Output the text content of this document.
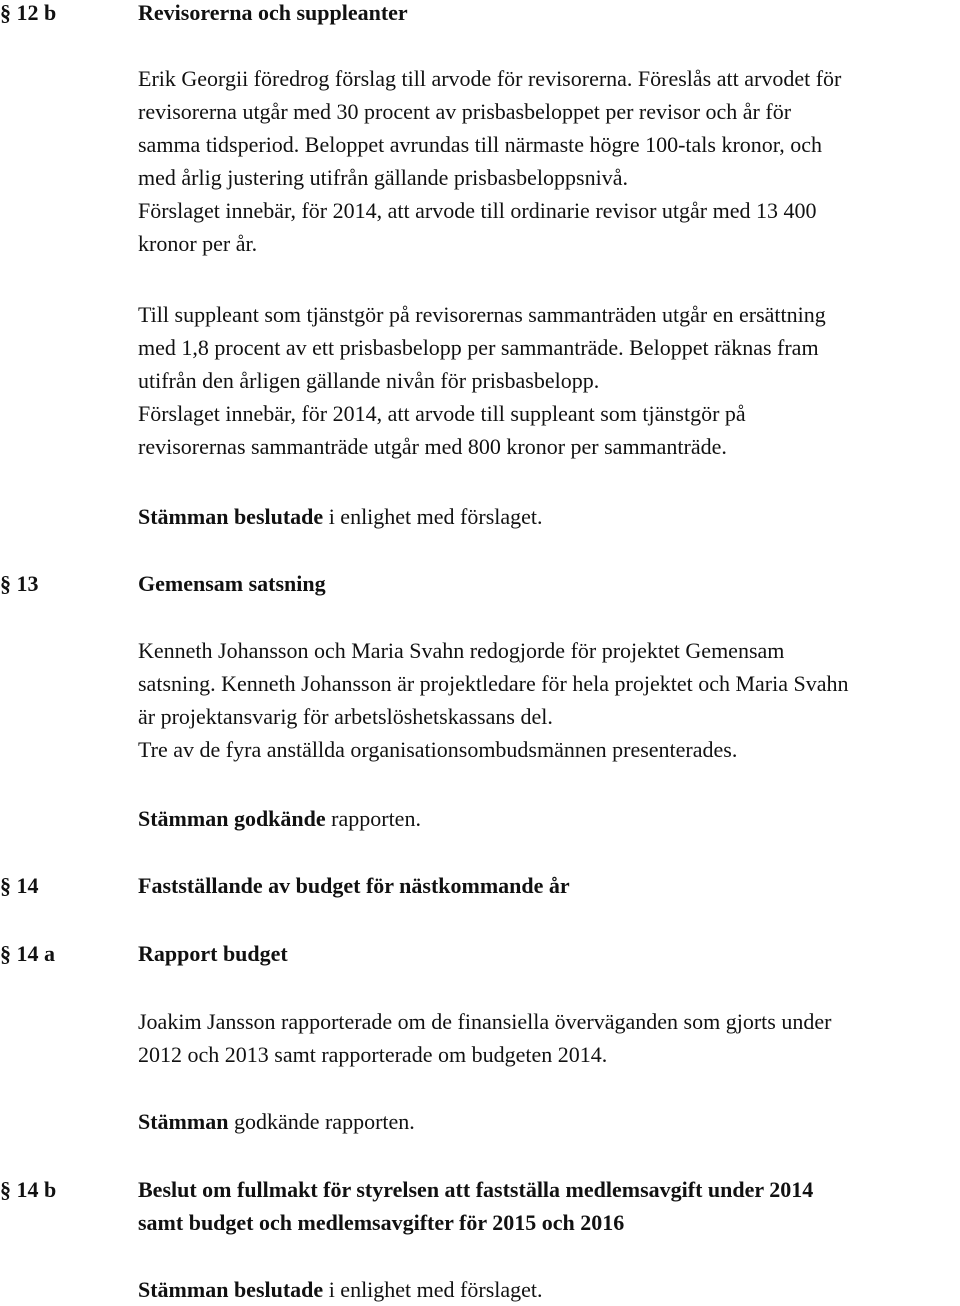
§ 12 b	Revisorerna och suppleanter

Erik Georgii föredrog förslag till arvode för revisorerna. Föreslås att arvodet för

revisorerna utgår med 30 procent av prisbasbeloppet per revisor och år för

samma tidsperiod. Beloppet avrundas till närmaste högre 100-tals kronor, och

med årlig justering utifrån gällande prisbasbeloppsnivå.

Förslaget innebär, för 2014, att arvode till ordinarie revisor utgår med 13 400

kronor per år.

Till suppleant som tjänstgör på revisorernas sammanträden utgår en ersättning

med 1,8 procent av ett prisbasbelopp per sammanträde. Beloppet räknas fram

utifrån den årligen gällande nivån för prisbasbelopp.

Förslaget innebär, för 2014, att arvode till suppleant som tjänstgör på

revisorernas sammanträde utgår med 800 kronor per sammanträde.

Stämman beslutade i enlighet med förslaget.

§ 13	Gemensam satsning

Kenneth Johansson och Maria Svahn redogjorde för projektet Gemensam

satsning. Kenneth Johansson är projektledare för hela projektet och Maria Svahn

är projektansvarig för arbetslöshetskassans del.

Tre av de fyra anställda organisationsombudsmännen presenterades.

Stämman godkände rapporten.

§ 14	Fastställande av budget för nästkommande år
§ 14 a	Rapport budget

Joakim Jansson rapporterade om de finansiella överväganden som gjorts under

2012 och 2013 samt rapporterade om budgeten 2014.

Stämman godkände rapporten.

§ 14 b	Beslut om fullmakt för styrelsen att fastställa medlemsavgift under 2014
samt budget och medlemsavgifter för 2015 och 2016

Stämman beslutade i enlighet med förslaget.
